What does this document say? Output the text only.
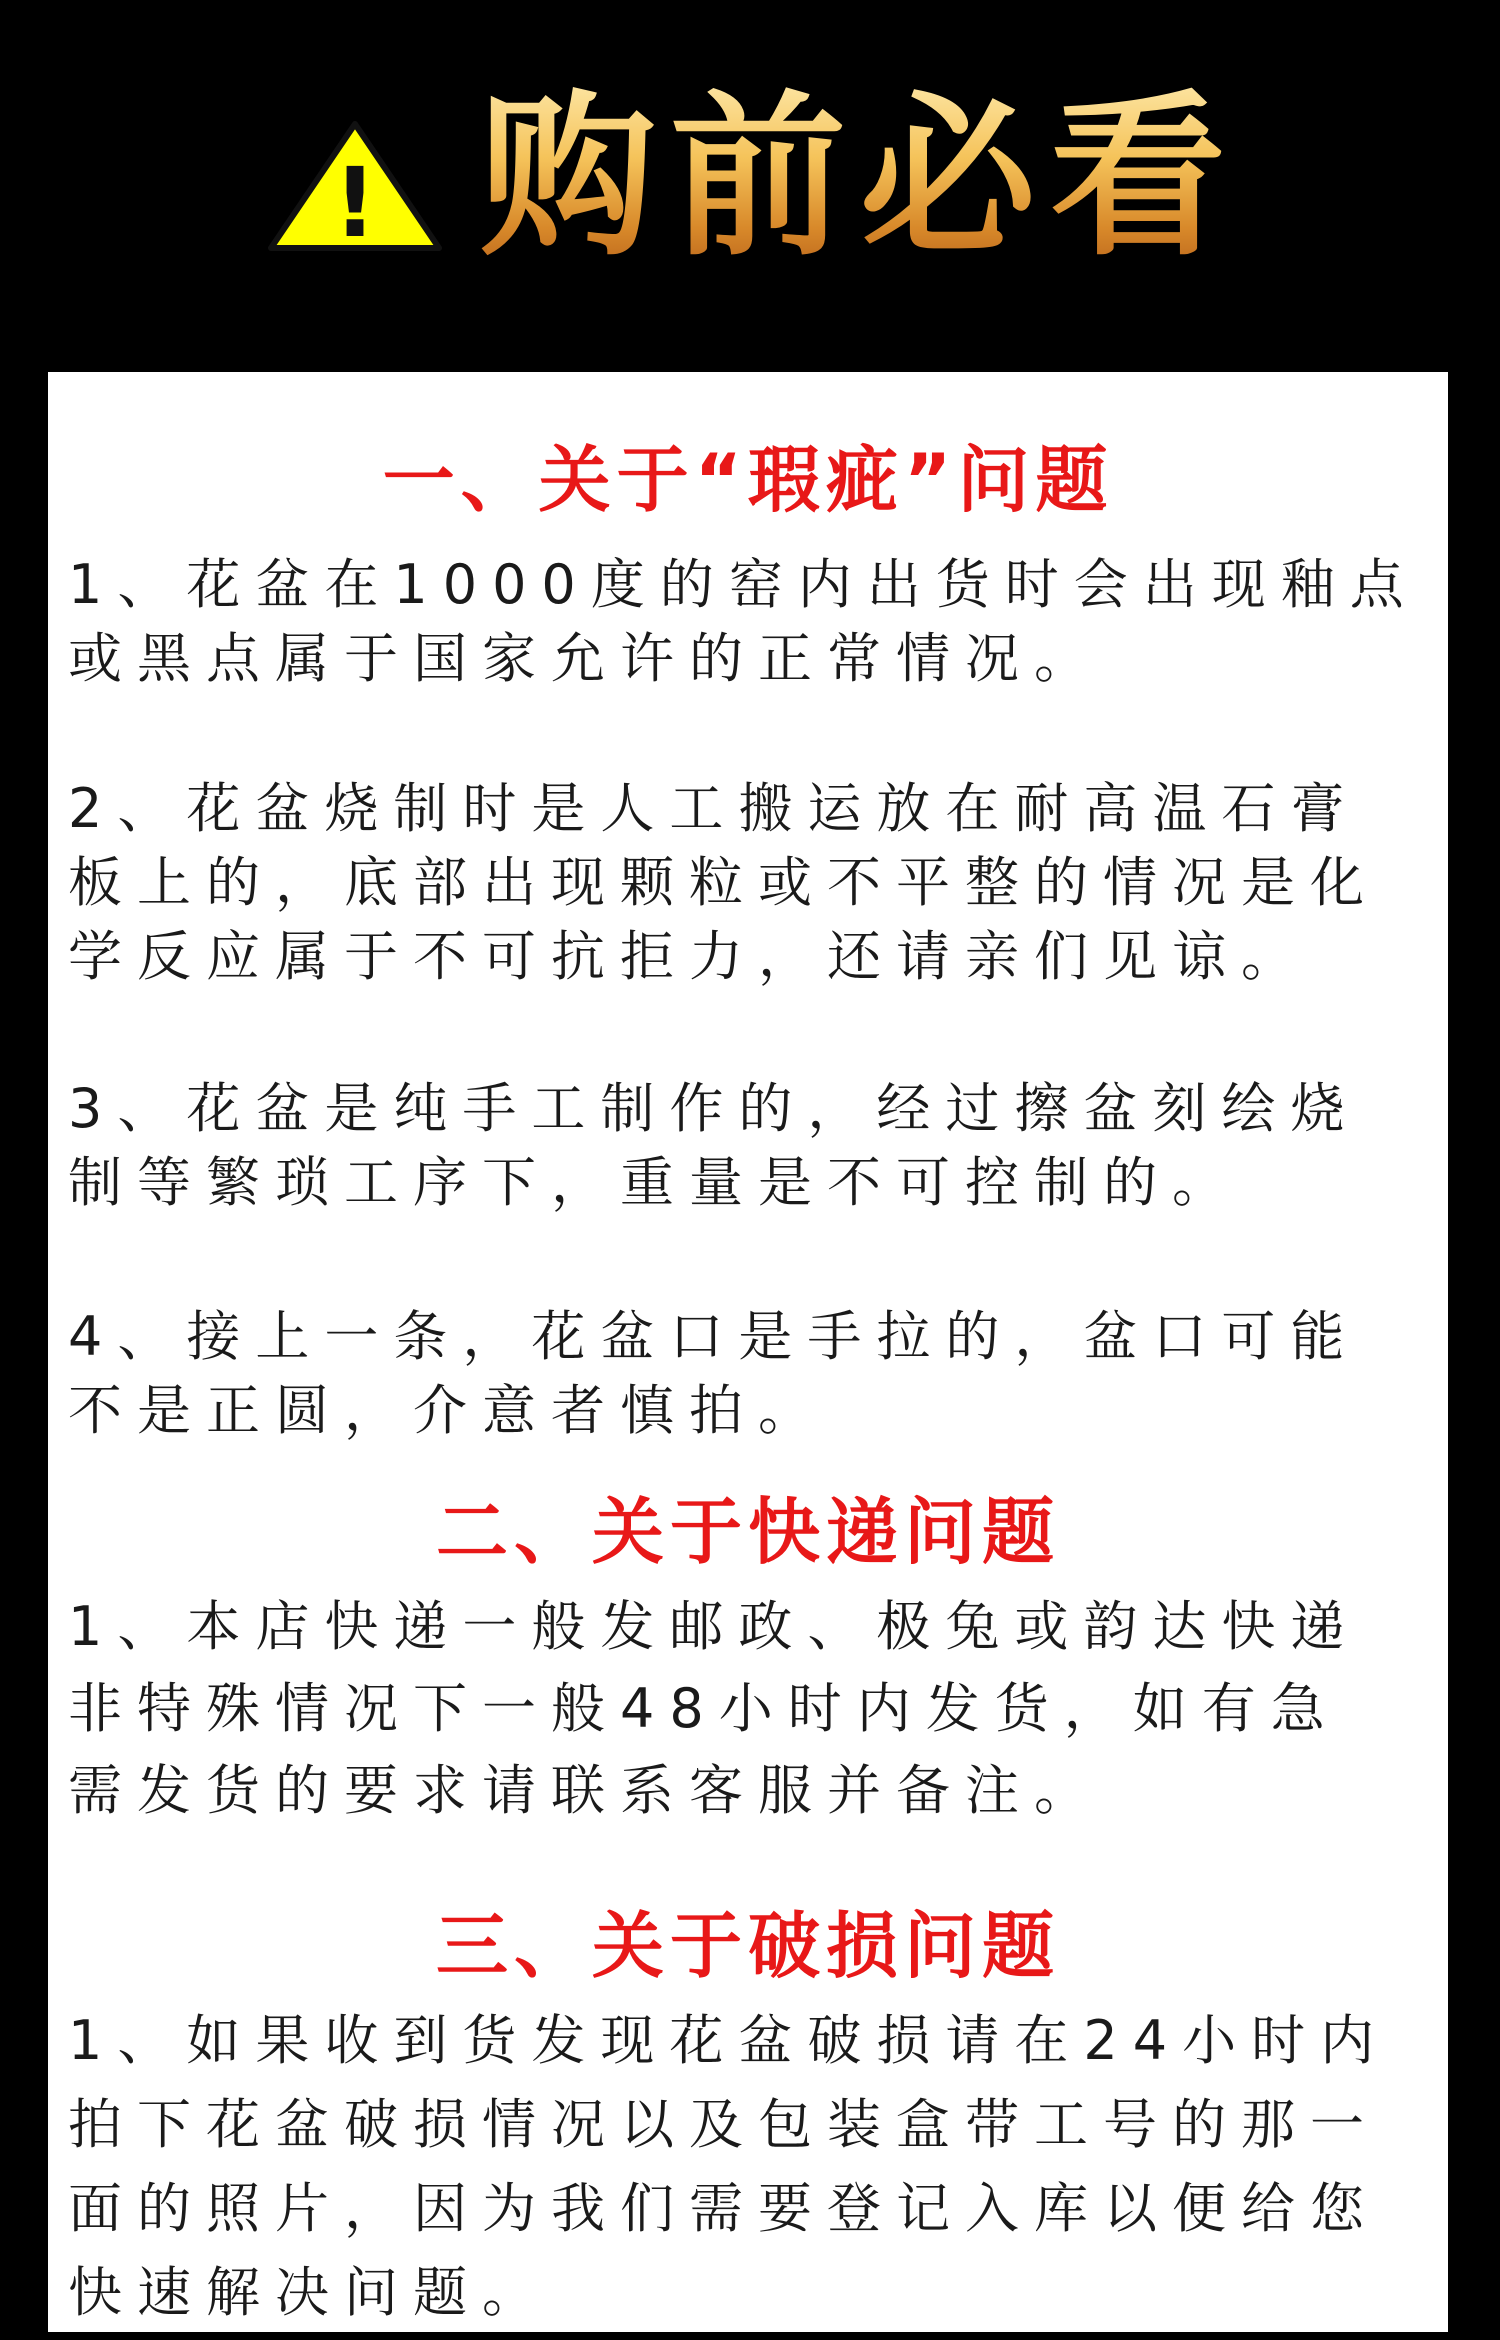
! 购前必看
一、关于“瑕疵”问题
1、花盆在1000度的窑内出货时会出现釉点
或黑点属于国家允许的正常情况。
2、花盆烧制时是人工搬运放在耐高温石膏
板上的，底部出现颗粒或不平整的情况是化
学反应属于不可抗拒力，还请亲们见谅。
3、花盆是纯手工制作的，经过擦盆刻绘烧
制等繁琐工序下，重量是不可控制的。
4、接上一条，花盆口是手拉的，盆口可能
不是正圆，介意者慎拍。
二、关于快递问题
1、本店快递一般发邮政、极兔或韵达快递
非特殊情况下一般48小时内发货，如有急
需发货的要求请联系客服并备注。
三、关于破损问题
1、如果收到货发现花盆破损请在24小时内
拍下花盆破损情况以及包装盒带工号的那一
面的照片，因为我们需要登记入库以便给您
快速解决问题。
